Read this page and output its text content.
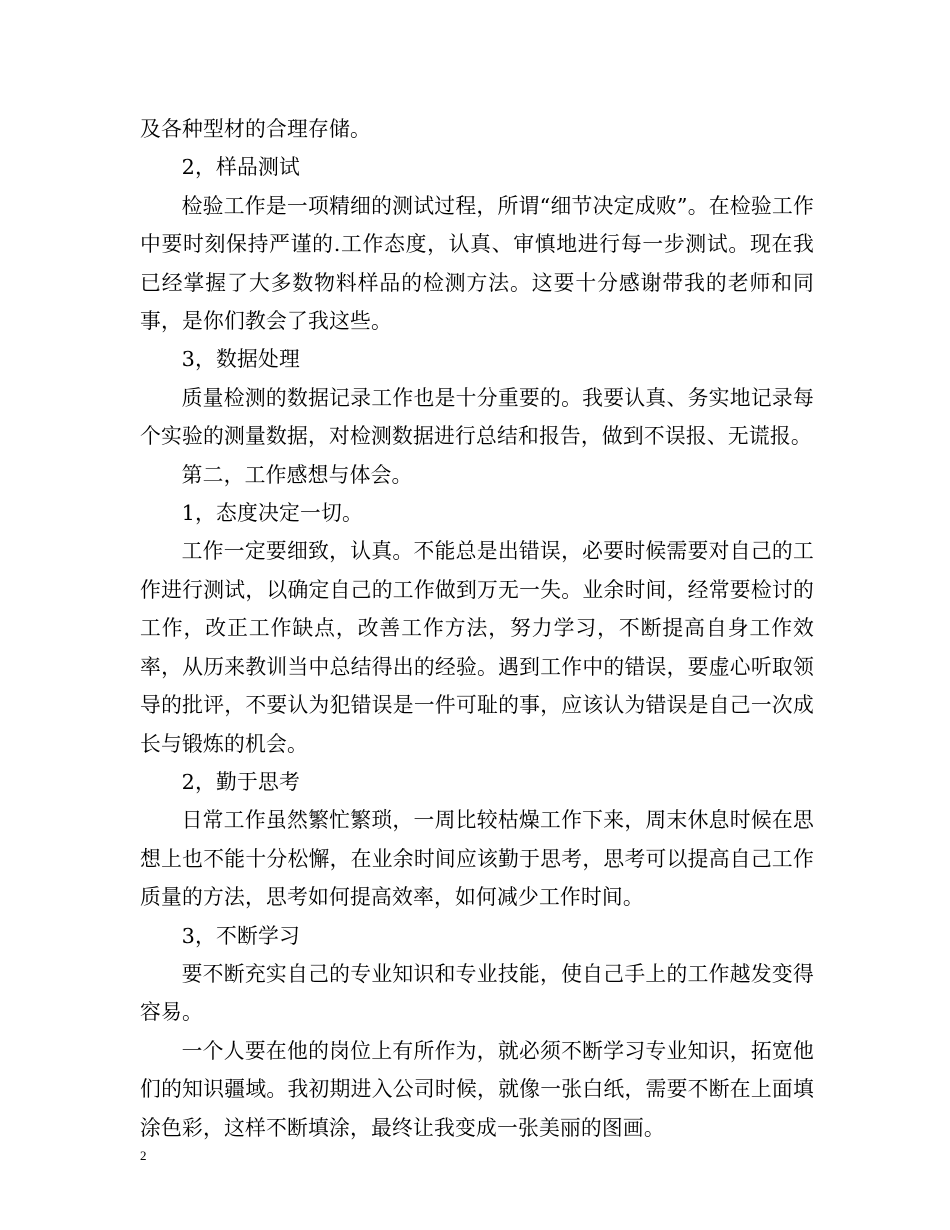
及各种型材的合理存储。

2，样品测试

检验工作是一项精细的测试过程，所谓“细节决定成败”。在检验工作中要时刻保持严谨的.工作态度，认真、审慎地进行每一步测试。现在我已经掌握了大多数物料样品的检测方法。这要十分感谢带我的老师和同事，是你们教会了我这些。

3，数据处理

质量检测的数据记录工作也是十分重要的。我要认真、务实地记录每个实验的测量数据，对检测数据进行总结和报告，做到不误报、无谎报。

第二，工作感想与体会。

1，态度决定一切。

工作一定要细致，认真。不能总是出错误，必要时候需要对自己的工作进行测试，以确定自己的工作做到万无一失。业余时间，经常要检讨的工作，改正工作缺点，改善工作方法，努力学习，不断提高自身工作效率，从历来教训当中总结得出的经验。遇到工作中的错误，要虚心听取领导的批评，不要认为犯错误是一件可耻的事，应该认为错误是自己一次成长与锻炼的机会。

2，勤于思考

日常工作虽然繁忙繁琐，一周比较枯燥工作下来，周末休息时候在思想上也不能十分松懈，在业余时间应该勤于思考，思考可以提高自己工作质量的方法，思考如何提高效率，如何减少工作时间。

3，不断学习

要不断充实自己的专业知识和专业技能，使自己手上的工作越发变得容易。

一个人要在他的岗位上有所作为，就必须不断学习专业知识，拓宽他们的知识疆域。我初期进入公司时候，就像一张白纸，需要不断在上面填涂色彩，这样不断填涂，最终让我变成一张美丽的图画。

2
